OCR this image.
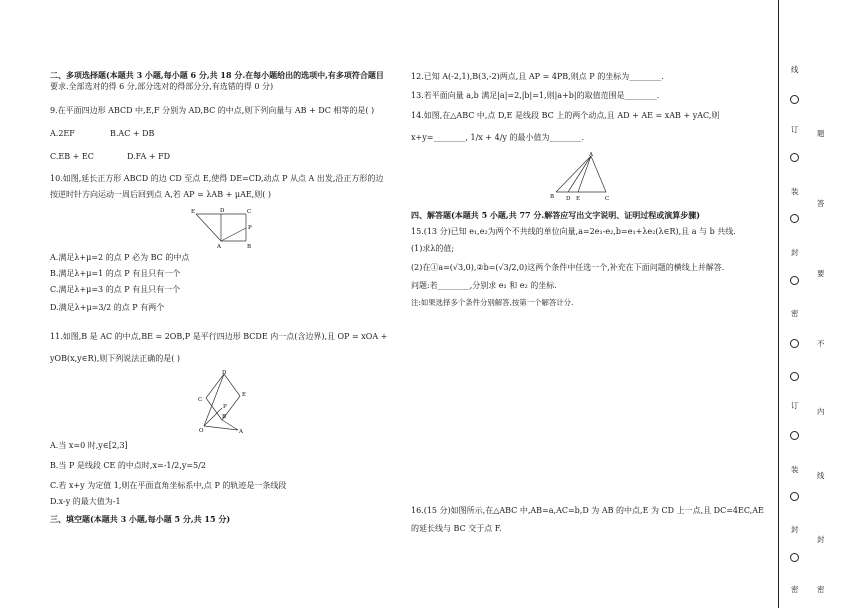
二、多项选择题(本题共 3 小题,每小题 6 分,共 18 分.在每小题给出的选项中,有多项符合题目
要求.全部选对的得 6 分,部分选对的得部分分,有选错的得 0 分)
9.在平面四边形 ABCD 中,E,F 分别为 AD,BC 的中点,则下列向量与 AB + DC 相等的是( )
A.2EF	B.AC + DB
C.EB + EC	D.FA + FD
10.如图,延长正方形 ABCD 的边 CD 至点 E,使得 DE=CD,动点 P 从点 A 出发,沿正方形的边
按逆时针方向运动一周后回到点 A,若 AP = λAB + μAE,则( )
E	D	C
P
A	B
A.满足λ+μ=2 的点 P 必为 BC 的中点
B.满足λ+μ=1 的点 P 有且只有一个
C.满足λ+μ=3 的点 P 有且只有一个
D.满足λ+μ=3/2 的点 P 有两个
11.如图,B 是 AC 的中点,BE = 2OB,P 是平行四边形 BCDE 内一点(含边界),且 OP = xOA +
yOB(x,y∈R),则下列说法正确的是( )
D
C
E
B
P
O	A
A.当 x=0 时,y∈[2,3]
B.当 P 是线段 CE 的中点时,x=-1/2,y=5/2
C.若 x+y 为定值 1,则在平面直角坐标系中,点 P 的轨迹是一条线段
D.x-y 的最大值为-1
三、填空题(本题共 3 小题,每小题 5 分,共 15 分)
12.已知 A(-2,1),B(3,-2)两点,且 AP = 4PB,则点 P 的坐标为________.
13.若平面向量 a,b 满足|a|=2,|b|=1,则|a+b|的取值范围是________.
14.如图,在△ABC 中,点 D,E 是线段 BC 上的两个动点,且 AD + AE = xAB + yAC,则
x+y=________, 1/x + 4/y 的最小值为________.
A
B D E	C
四、解答题(本题共 5 小题,共 77 分.解答应写出文字说明、证明过程或演算步骤)
15.(13 分)已知 e₁,e₂为两个不共线的单位向量,a=2e₁-e₂,b=e₁+λe₂(λ∈R),且 a 与 b 共线.
(1)求λ的值;
(2)在①a=(√3,0),②b=(√3/2,0)这两个条件中任选一个,补充在下面问题的横线上并解答.
问题:若________,分别求 e₁ 和 e₂ 的坐标.
注:如果选择多个条件分别解答,按第一个解答计分.
16.(15 分)如图所示,在△ABC 中,AB=a,AC=b,D 为 AB 的中点,E 为 CD 上一点,且 DC=4EC,AE
的延长线与 BC 交于点 F.
线
订
装
封
密
订
装
封
密
题
答
要
不
内
线
封
密
